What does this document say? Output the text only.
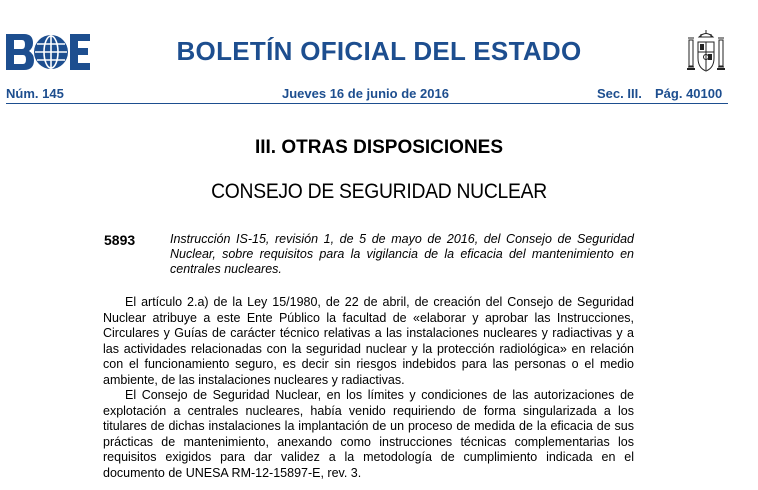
BOLETÍN OFICIAL DEL ESTADO
Núm. 145	Jueves 16 de junio de 2016	Sec. III. Pág. 40100
III. OTRAS DISPOSICIONES
CONSEJO DE SEGURIDAD NUCLEAR
5893	Instrucción IS-15, revisión 1, de 5 de mayo de 2016, del Consejo de Seguridad Nuclear, sobre requisitos para la vigilancia de la eficacia del mantenimiento en centrales nucleares.

El artículo 2.a) de la Ley 15/1980, de 22 de abril, de creación del Consejo de Seguridad Nuclear atribuye a este Ente Público la facultad de «elaborar y aprobar las Instrucciones, Circulares y Guías de carácter técnico relativas a las instalaciones nucleares y radiactivas y a las actividades relacionadas con la seguridad nuclear y la protección radiológica» en relación con el funcionamiento seguro, es decir sin riesgos indebidos para las personas o el medio ambiente, de las instalaciones nucleares y radiactivas.

El Consejo de Seguridad Nuclear, en los límites y condiciones de las autorizaciones de explotación a centrales nucleares, había venido requiriendo de forma singularizada a los titulares de dichas instalaciones la implantación de un proceso de medida de la eficacia de sus prácticas de mantenimiento, anexando como instrucciones técnicas complementarias los requisitos exigidos para dar validez a la metodología de cumplimiento indicada en el documento de UNESA RM-12-15897-E, rev. 3.
